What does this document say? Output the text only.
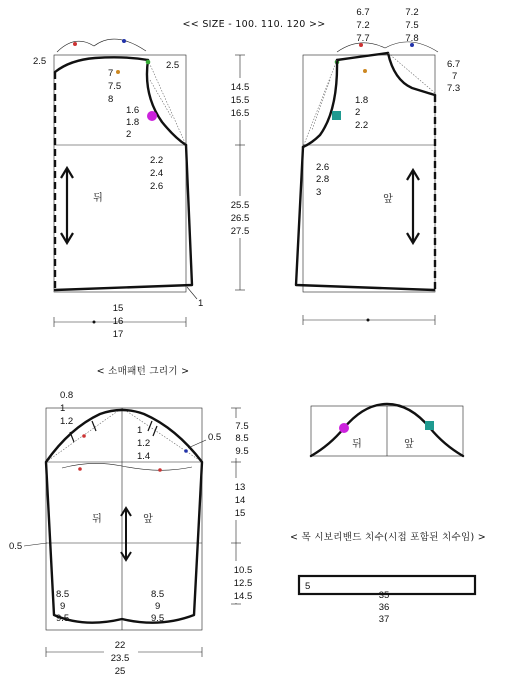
<< SIZE - 100. 110. 120 >>
뒤
2.5	2.5
7
7.5
8
1.6
1.8
2
2.2
2.4
2.6
1
15
16
17
14.5
15.5
16.5
25.5
26.5
27.5
앞
6.7
7.2
7.7
7.2
7.5
7.8
6.7
7
7.3
1.8
2
2.2
2.6
2.8
3
< 소매패턴 그리기 >
뒤	앞
0.8
1
1.2
1
1.2
1.4
0.5
8.5
9
9.5
8.5
9
9.5
0.5
7.5
8.5
9.5
13
14
15
10.5
12.5
14.5
22
23.5
25
뒤	앞
< 목 시보리밴드 치수(시접 포함된 치수임) >
5
35
36
37
